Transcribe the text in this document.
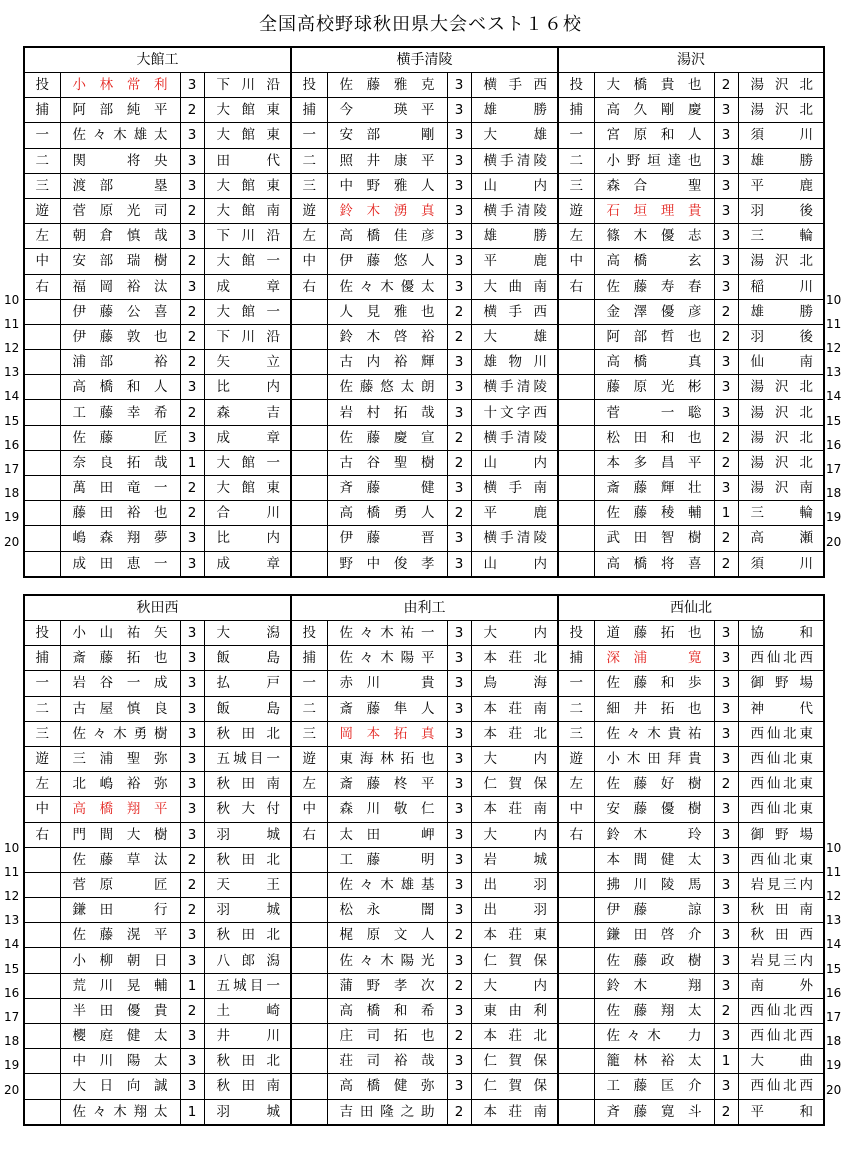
全国高校野球秋田県大会ベスト１６校
10
11
12
13
14
15
16
17
18
19
20
10
11
12
13
14
15
16
17
18
19
20
大館工				横手清陵				湯沢			
投	小林常利	3	下川沿	投	佐藤雅克	3	横手西	投	大橋貴也	2	湯沢北
捕	阿部純平	2	大館東	捕	今　瑛平	3	雄勝	捕	高久剛慶	3	湯沢北
一	佐々木雄太	3	大館東	一	安部　剛	3	大雄	一	宮原和人	3	須川
二	関　将央	3	田代	二	照井康平	3	横手清陵	二	小野垣達也	3	雄勝
三	渡部　塁	3	大館東	三	中野雅人	3	山内	三	森合　聖	3	平鹿
遊	菅原光司	2	大館南	遊	鈴木湧真	3	横手清陵	遊	石垣理貴	3	羽後
左	朝倉慎哉	3	下川沿	左	高橋佳彦	3	雄勝	左	篠木優志	3	三輪
中	安部瑞樹	2	大館一	中	伊藤悠人	3	平鹿	中	高橋　玄	3	湯沢北
右	福岡裕汰	3	成章	右	佐々木優太	3	大曲南	右	佐藤寿春	3	稲川
	伊藤公喜	2	大館一		人見雅也	2	横手西		金澤優彦	2	雄勝
	伊藤敦也	2	下川沿		鈴木啓裕	2	大雄		阿部哲也	2	羽後
	浦部　裕	2	矢立		古内裕輝	3	雄物川		高橋　真	3	仙南
	高橋和人	3	比内		佐藤悠太朗	3	横手清陵		藤原光彬	3	湯沢北
	工藤幸希	2	森吉		岩村拓哉	3	十文字西		菅　一聡	3	湯沢北
	佐藤　匠	3	成章		佐藤慶宣	2	横手清陵		松田和也	2	湯沢北
	奈良拓哉	1	大館一		古谷聖樹	2	山内		本多昌平	2	湯沢北
	萬田竜一	2	大館東		斉藤　健	3	横手南		斎藤輝壮	3	湯沢南
	藤田裕也	2	合川		高橋勇人	2	平鹿		佐藤稜輔	1	三輪
	嶋森翔夢	3	比内		伊藤　晋	3	横手清陵		武田智樹	2	高瀬
	成田恵一	3	成章		野中俊孝	3	山内		高橋将喜	2	須川
10
11
12
13
14
15
16
17
18
19
20
10
11
12
13
14
15
16
17
18
19
20
秋田西				由利工				西仙北			
投	小山祐矢	3	大潟	投	佐々木祐一	3	大内	投	道藤拓也	3	協和
捕	斎藤拓也	3	飯島	捕	佐々木陽平	3	本荘北	捕	深浦　寛	3	西仙北西
一	岩谷一成	3	払戸	一	赤川　貴	3	鳥海	一	佐藤和歩	3	御野場
二	古屋慎良	3	飯島	二	斎藤隼人	3	本荘南	二	細井拓也	3	神代
三	佐々木勇樹	3	秋田北	三	岡本拓真	3	本荘北	三	佐々木貴祐	3	西仙北東
遊	三浦聖弥	3	五城目一	遊	東海林拓也	3	大内	遊	小木田拜貴	3	西仙北東
左	北嶋裕弥	3	秋田南	左	斎藤柊平	3	仁賀保	左	佐藤好樹	2	西仙北東
中	高橋翔平	3	秋大付	中	森川敬仁	3	本荘南	中	安藤優樹	3	西仙北東
右	門間大樹	3	羽城	右	太田　岬	3	大内	右	鈴木　玲	3	御野場
	佐藤草汰	2	秋田北		工藤　明	3	岩城		本間健太	3	西仙北東
	菅原　匠	2	天王		佐々木雄基	3	出羽		拂川陵馬	3	岩見三内
	鎌田　行	2	羽城		松永　闇	3	出羽		伊藤　諒	3	秋田南
	佐藤滉平	3	秋田北		梶原文人	2	本荘東		鎌田啓介	3	秋田西
	小柳朝日	3	八郎潟		佐々木陽光	3	仁賀保		佐藤政樹	3	岩見三内
	荒川晃輔	1	五城目一		蒲野孝次	2	大内		鈴木　翔	3	南外
	半田優貴	2	土崎		高橋和希	3	東由利		佐藤翔太	2	西仙北西
	櫻庭健太	3	井川		庄司拓也	2	本荘北		佐々木　力	3	西仙北西
	中川陽太	3	秋田北		荘司裕哉	3	仁賀保		籠林裕太	1	大曲
	大日向誠	3	秋田南		高橋健弥	3	仁賀保		工藤匡介	3	西仙北西
	佐々木翔太	1	羽城		吉田隆之助	2	本荘南		斉藤寛斗	2	平和
